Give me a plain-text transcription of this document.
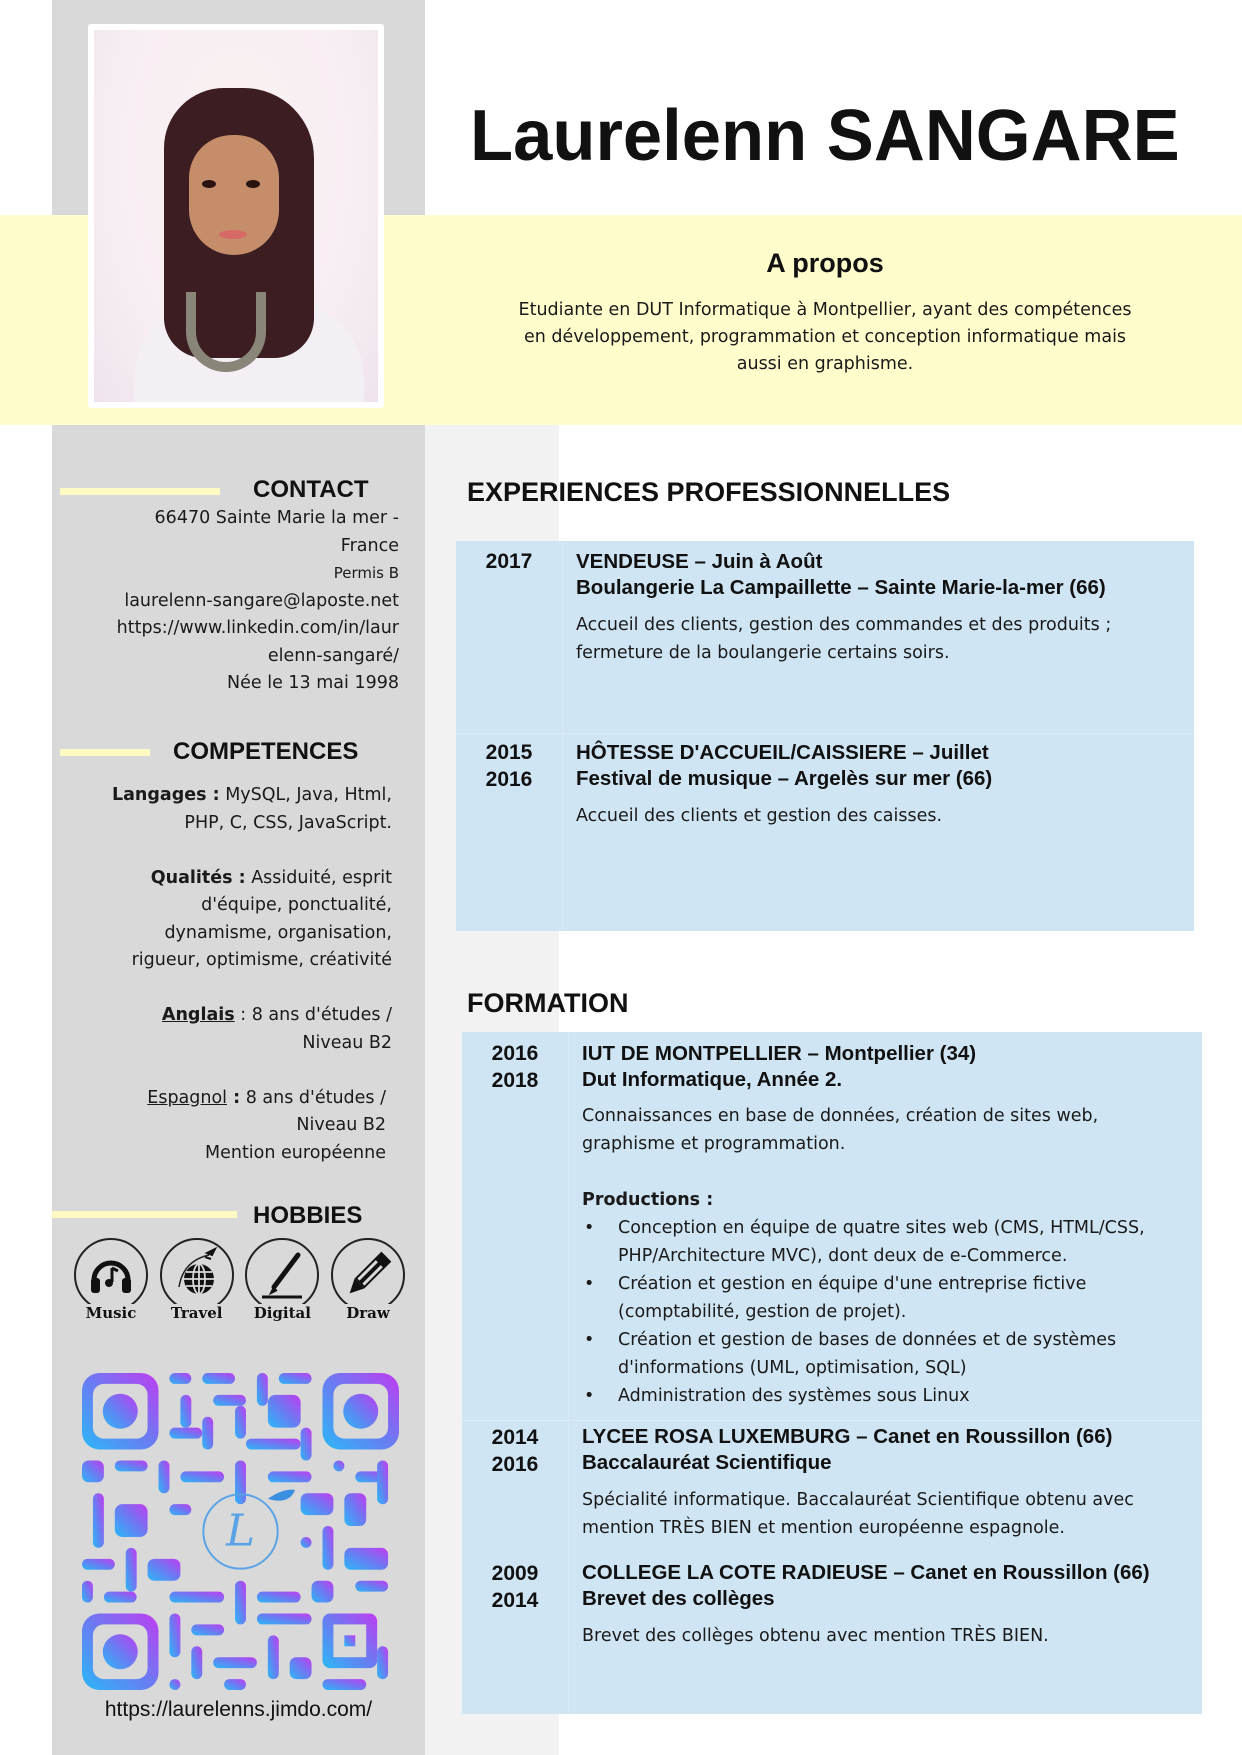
Laurelenn SANGARE
A propos
Etudiante en DUT Informatique à Montpellier, ayant des compétences
en développement, programmation et conception informatique mais
aussi en graphisme.
CONTACT
66470 Sainte Marie la mer -
France
Permis B
laurelenn-sangare@laposte.net
https://www.linkedin.com/in/laur
elenn-sangaré/
Née le 13 mai 1998
COMPETENCES
Langages : MySQL, Java, Html,
PHP, C, CSS, JavaScript.
Qualités : Assiduité, esprit
d'équipe, ponctualité,
dynamisme, organisation,
rigueur, optimisme, créativité
Anglais : 8 ans d'études /
Niveau B2
Espagnol : 8 ans d'études /
Niveau B2
Mention européenne
HOBBIES
Music Travel Digital Draw
L
https://laurelenns.jimdo.com/
EXPERIENCES PROFESSIONNELLES
2017	VENDEUSE – Juin à Août
Boulangerie La Campaillette – Sainte Marie-la-mer (66)
Accueil des clients, gestion des commandes et des produits ;
fermeture de la boulangerie certains soirs.
2015
2016
HÔTESSE D'ACCUEIL/CAISSIERE – Juillet
Festival de musique – Argelès sur mer (66)
Accueil des clients et gestion des caisses.
FORMATION
2016
2018
IUT DE MONTPELLIER – Montpellier (34)
Dut Informatique, Année 2.
Connaissances en base de données, création de sites web,
graphisme et programmation.
Productions :
• Conception en équipe de quatre sites web (CMS, HTML/CSS,
PHP/Architecture MVC), dont deux de e-Commerce.
• Création et gestion en équipe d'une entreprise fictive
(comptabilité, gestion de projet).
• Création et gestion de bases de données et de systèmes
d'informations (UML, optimisation, SQL)
• Administration des systèmes sous Linux
2014
2016
LYCEE ROSA LUXEMBURG – Canet en Roussillon (66)
Baccalauréat Scientifique
Spécialité informatique. Baccalauréat Scientifique obtenu avec
mention TRÈS BIEN et mention européenne espagnole.
2009
2014
COLLEGE LA COTE RADIEUSE – Canet en Roussillon (66)
Brevet des collèges
Brevet des collèges obtenu avec mention TRÈS BIEN.
